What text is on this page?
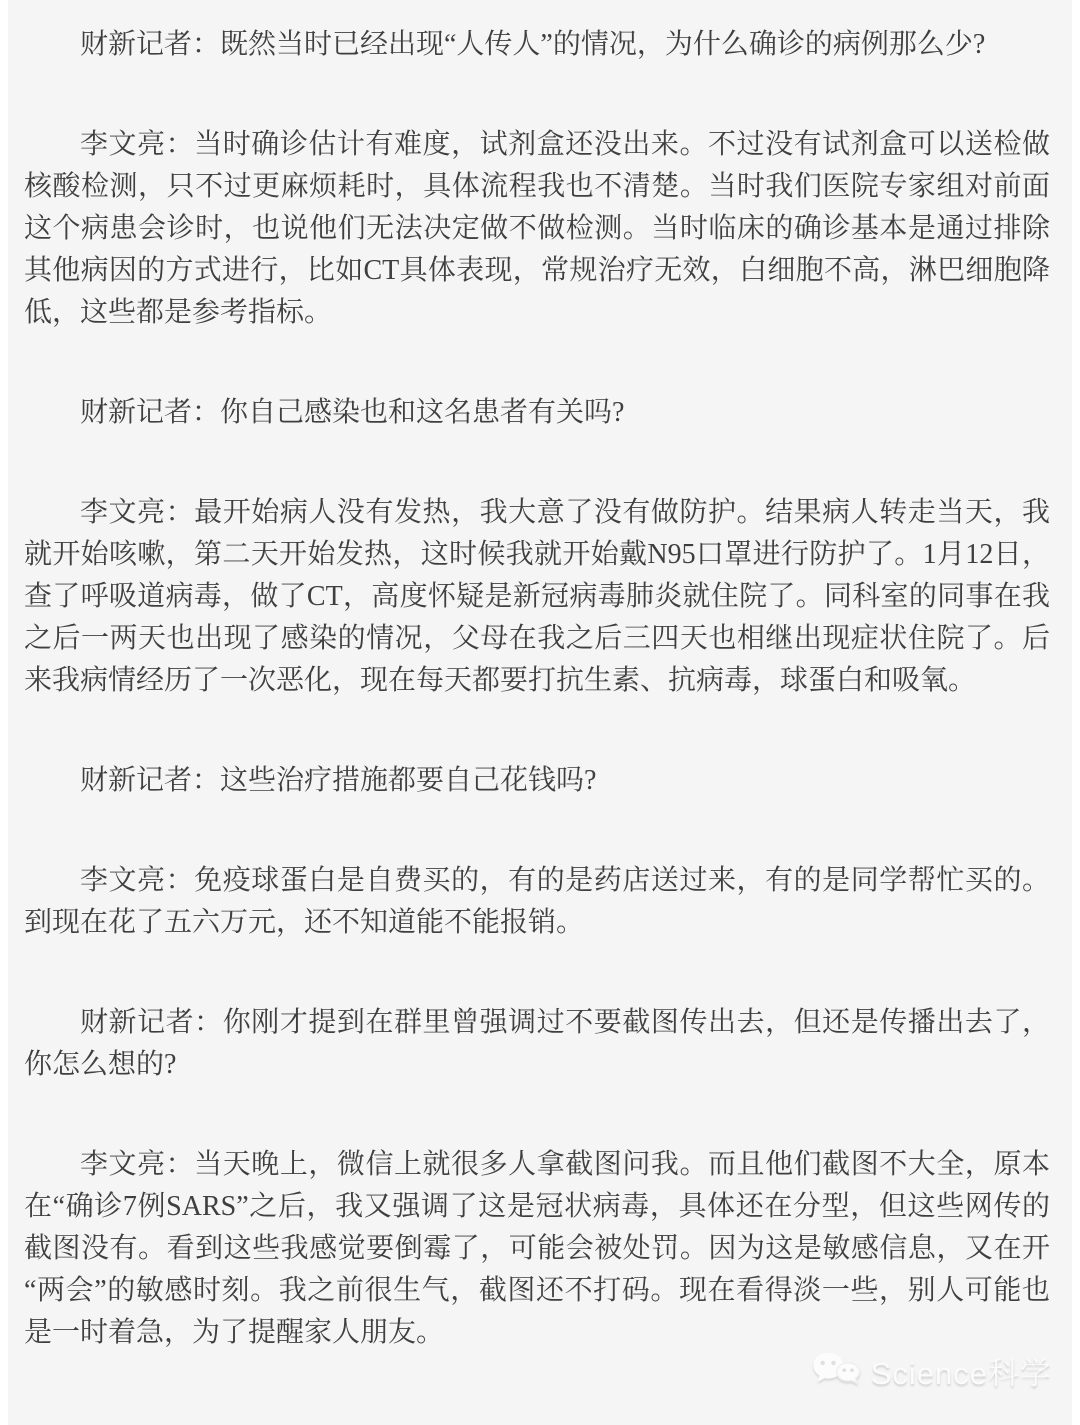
财新记者：既然当时已经出现“人传人”的情况，为什么确诊的病例那么少?

李文亮：当时确诊估计有难度，试剂盒还没出来。不过没有试剂盒可以送检做核酸检测，只不过更麻烦耗时，具体流程我也不清楚。当时我们医院专家组对前面这个病患会诊时，也说他们无法决定做不做检测。当时临床的确诊基本是通过排除其他病因的方式进行，比如CT具体表现，常规治疗无效，白细胞不高，淋巴细胞降低，这些都是参考指标。

财新记者：你自己感染也和这名患者有关吗?

李文亮：最开始病人没有发热，我大意了没有做防护。结果病人转走当天，我就开始咳嗽，第二天开始发热，这时候我就开始戴N95口罩进行防护了。1月12日，查了呼吸道病毒，做了CT，高度怀疑是新冠病毒肺炎就住院了。同科室的同事在我之后一两天也出现了感染的情况，父母在我之后三四天也相继出现症状住院了。后来我病情经历了一次恶化，现在每天都要打抗生素、抗病毒，球蛋白和吸氧。

财新记者：这些治疗措施都要自己花钱吗?

李文亮：免疫球蛋白是自费买的，有的是药店送过来，有的是同学帮忙买的。到现在花了五六万元，还不知道能不能报销。

财新记者：你刚才提到在群里曾强调过不要截图传出去，但还是传播出去了，你怎么想的?

李文亮：当天晚上，微信上就很多人拿截图问我。而且他们截图不大全，原本在“确诊7例SARS”之后，我又强调了这是冠状病毒，具体还在分型，但这些网传的截图没有。看到这些我感觉要倒霉了，可能会被处罚。因为这是敏感信息，又在开“两会”的敏感时刻。我之前很生气，截图还不打码。现在看得淡一些，别人可能也是一时着急，为了提醒家人朋友。

Science科学
